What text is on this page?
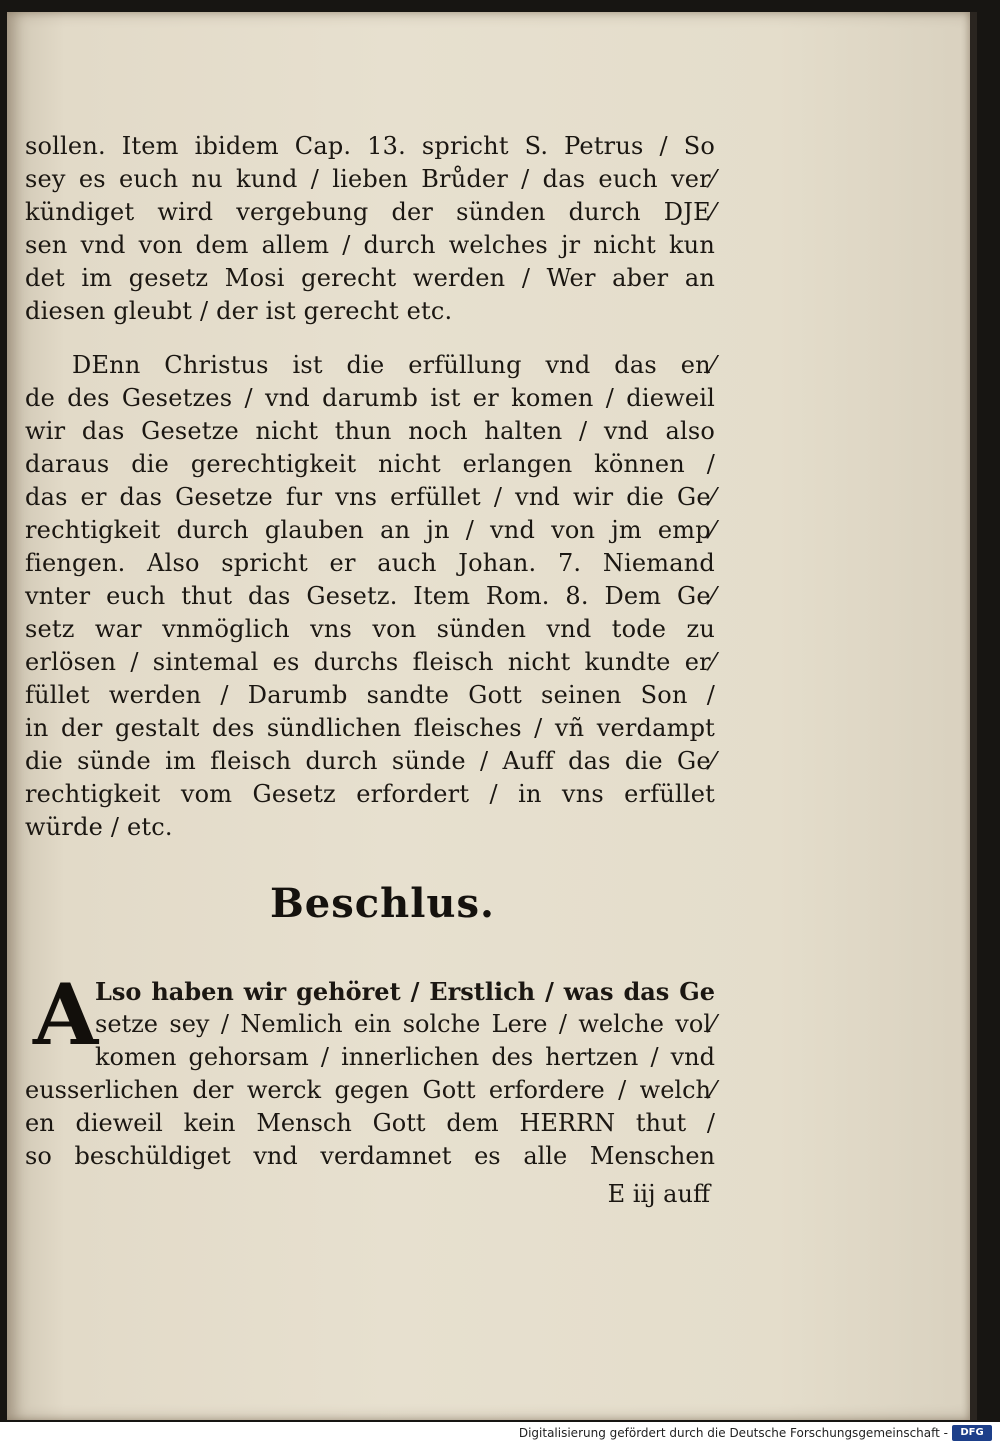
sollen. Item ibidem Cap. 13. spricht S. Petrus / So
sey es euch nu kund / lieben Brůder / das euch ver⁄
kündiget wird vergebung der sünden durch DJE⁄
sen vnd von dem allem / durch welches jr nicht kun
det im gesetz Mosi gerecht werden / Wer aber an
diesen gleubt / der ist gerecht etc.
DEnn Christus ist die erfüllung vnd das en⁄
de des Gesetzes / vnd darumb ist er komen / dieweil
wir das Gesetze nicht thun noch halten / vnd also
daraus die gerechtigkeit nicht erlangen können /
das er das Gesetze fur vns erfüllet / vnd wir die Ge⁄
rechtigkeit durch glauben an jn / vnd von jm emp⁄
fiengen. Also spricht er auch Johan. 7. Niemand
vnter euch thut das Gesetz. Item Rom. 8. Dem Ge⁄
setz war vnmöglich vns von sünden vnd tode zu
erlösen / sintemal es durchs fleisch nicht kundte er⁄
füllet werden / Darumb sandte Gott seinen Son /
in der gestalt des sündlichen fleisches / vñ verdampt
die sünde im fleisch durch sünde / Auff das die Ge⁄
rechtigkeit vom Gesetz erfordert / in vns erfüllet
würde / etc.
Beschlus.
A
Lso haben wir gehöret / Erstlich / was das Ge
setze sey / Nemlich ein solche Lere / welche vol⁄
komen gehorsam / innerlichen des hertzen / vnd
eusserlichen der werck gegen Gott erfordere / welch⁄
en dieweil kein Mensch Gott dem HERRN thut /
so beschüldiget vnd verdamnet es alle Menschen
E iij auff
Digitalisierung gefördert durch die Deutsche Forschungsgemeinschaft -	DFG
